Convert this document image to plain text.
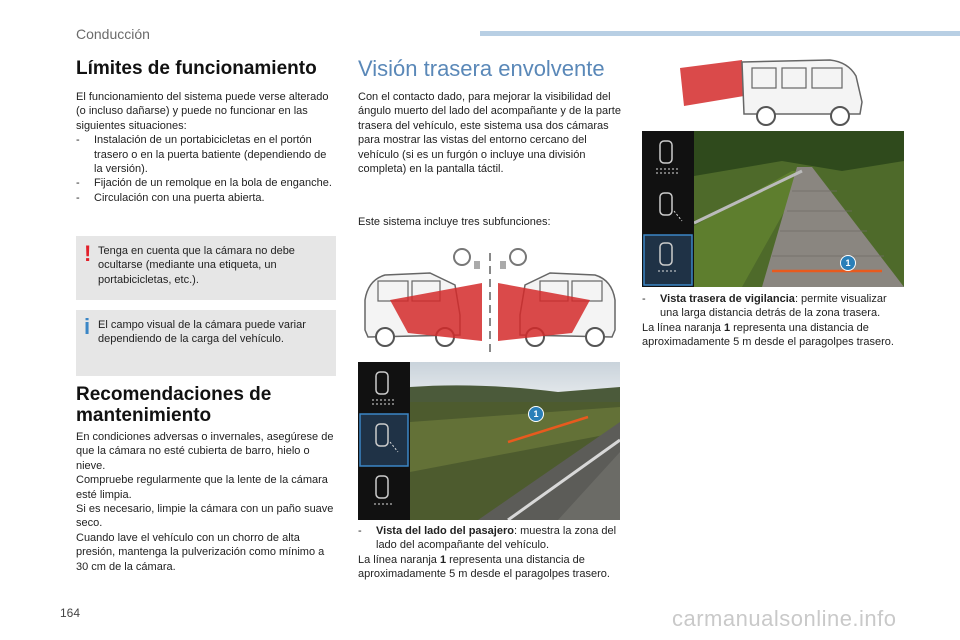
Conducción
Límites de funcionamiento

El funcionamiento del sistema puede verse alterado (o incluso dañarse) y puede no funcionar en las siguientes situaciones:

-	Instalación de un portabicicletas en el portón trasero o en la puerta batiente (dependiendo de la versión).
-	Fijación de un remolque en la bola de enganche.
-	Circulación con una puerta abierta.
! Tenga en cuenta que la cámara no debe ocultarse (mediante una etiqueta, un portabicicletas, etc.).

i El campo visual de la cámara puede variar dependiendo de la carga del vehículo.

Recomendaciones de mantenimiento

En condiciones adversas o invernales, asegúrese de que la cámara no esté cubierta de barro, hielo o nieve.

Compruebe regularmente que la lente de la cámara esté limpia.

Si es necesario, limpie la cámara con un paño suave seco.

Cuando lave el vehículo con un chorro de alta presión, mantenga la pulverización como mínimo a 30 cm de la cámara.

Visión trasera envolvente

Con el contacto dado, para mejorar la visibilidad del ángulo muerto del lado del acompañante y de la parte trasera del vehículo, este sistema usa dos cámaras para mostrar las vistas del entorno cercano del vehículo (si es un furgón o incluye una división completa) en la pantalla táctil.

Este sistema incluye tres subfunciones:

1
-	Vista del lado del pasajero: muestra la zona del lado del acompañante del vehículo.

La línea naranja 1 representa una distancia de aproximadamente 5 m desde el paragolpes trasero.

1
-	Vista trasera de vigilancia: permite visualizar una larga distancia detrás de la zona trasera.

La línea naranja 1 representa una distancia de aproximadamente 5 m desde el paragolpes trasero.

164	carmanualsonline.info
